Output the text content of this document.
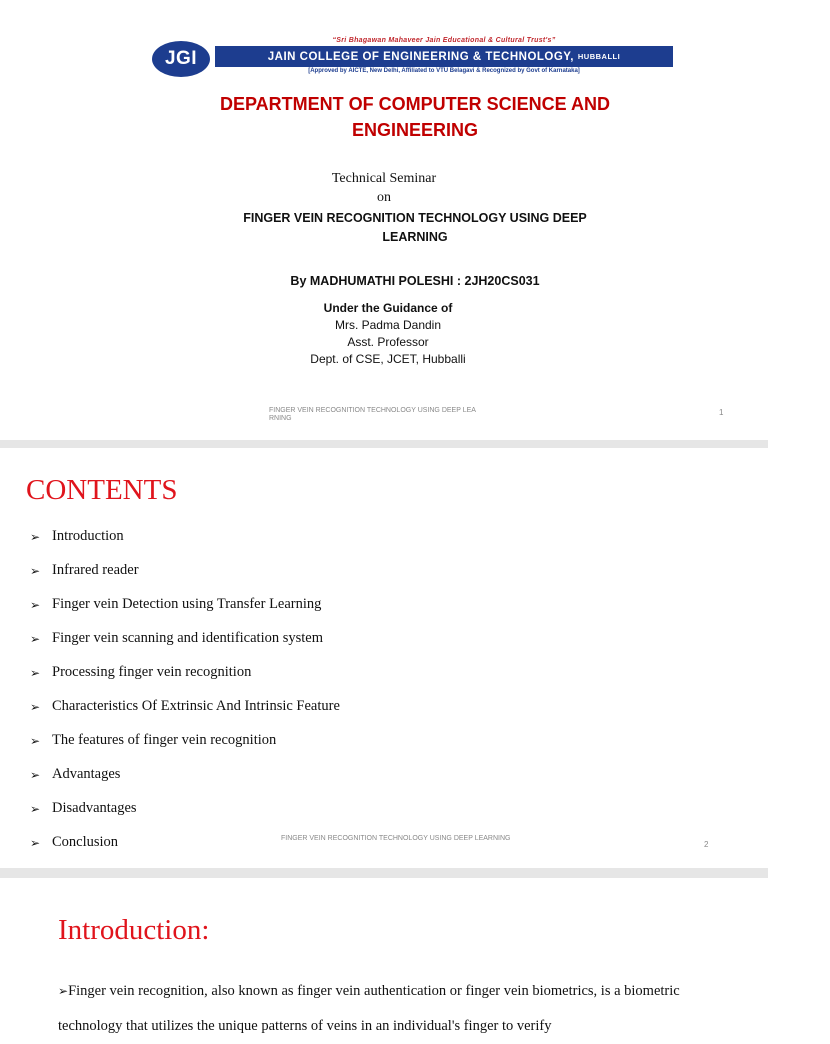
JGI
“Sri Bhagawan Mahaveer Jain Educational & Cultural Trust's”
JAIN COLLEGE OF ENGINEERING & TECHNOLOGY, HUBBALLI
[Approved by AICTE, New Delhi, Affiliated to VTU Belagavi & Recognized by Govt of Karnataka]
DEPARTMENT OF COMPUTER SCIENCE AND ENGINEERING
Technical Seminar
on
FINGER VEIN RECOGNITION TECHNOLOGY USING DEEP LEARNING
By MADHUMATHI POLESHI : 2JH20CS031
Under the Guidance of
Mrs. Padma Dandin
Asst. Professor
Dept. of CSE, JCET, Hubballi
FINGER VEIN RECOGNITION TECHNOLOGY USING DEEP LEA
RNING
1
CONTENTS
➢ Introduction
➢ Infrared reader
➢ Finger vein Detection using Transfer Learning
➢ Finger vein scanning and identification system
➢ Processing finger vein recognition
➢ Characteristics Of Extrinsic And Intrinsic Feature
➢ The features of finger vein recognition
➢ Advantages
➢ Disadvantages
➢ Conclusion	FINGER VEIN RECOGNITION TECHNOLOGY USING DEEP LEARNING
2
Introduction:
➢Finger vein recognition, also known as finger vein authentication or finger vein biometrics, is a biometric technology that utilizes the unique patterns of veins in an individual's finger to verify
